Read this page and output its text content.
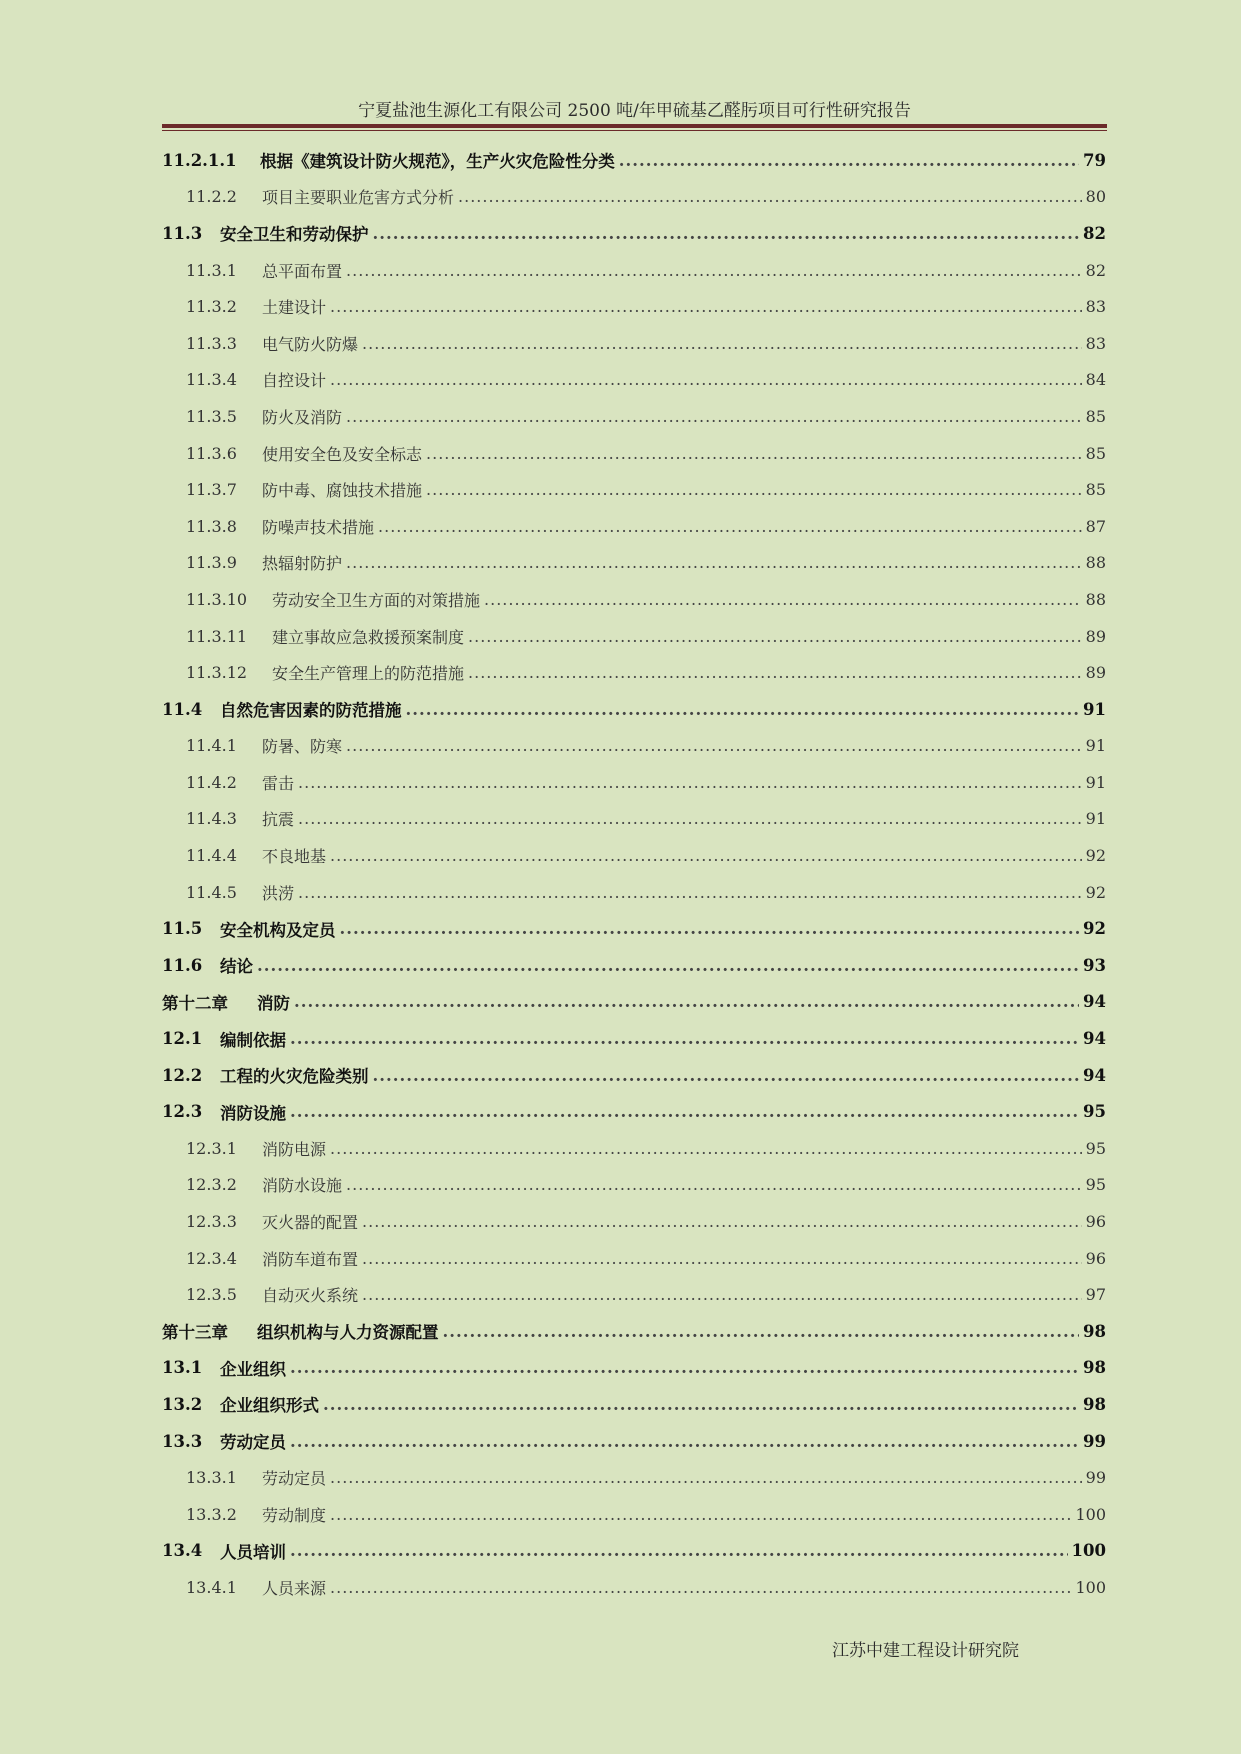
宁夏盐池生源化工有限公司 2500 吨/年甲硫基乙醛肟项目可行性研究报告
11.2.1.1	根据《建筑设计防火规范》，生产火灾危险性分类 .....	79
11.2.2	项目主要职业危害方式分析 .....	80
11.3	安全卫生和劳动保护 .....	82
11.3.1	总平面布置 .....	82
11.3.2	土建设计 .....	83
11.3.3	电气防火防爆 .....	83
11.3.4	自控设计 .....	84
11.3.5	防火及消防 .....	85
11.3.6	使用安全色及安全标志 .....	85
11.3.7	防中毒、腐蚀技术措施 .....	85
11.3.8	防噪声技术措施 .....	87
11.3.9	热辐射防护 .....	88
11.3.10	劳动安全卫生方面的对策措施 .....	88
11.3.11	建立事故应急救援预案制度 .....	89
11.3.12	安全生产管理上的防范措施 .....	89
11.4	自然危害因素的防范措施 .....	91
11.4.1	防暑、防寒 .....	91
11.4.2	雷击 .....	91
11.4.3	抗震 .....	91
11.4.4	不良地基 .....	92
11.4.5	洪涝 .....	92
11.5	安全机构及定员 .....	92
11.6	结论 .....	93
第十二章	消防 .....	94
12.1	编制依据 .....	94
12.2	工程的火灾危险类别 .....	94
12.3	消防设施 .....	95
12.3.1	消防电源 .....	95
12.3.2	消防水设施 .....	95
12.3.3	灭火器的配置 .....	96
12.3.4	消防车道布置 .....	96
12.3.5	自动灭火系统 .....	97
第十三章	组织机构与人力资源配置 .....	98
13.1	企业组织 .....	98
13.2	企业组织形式 .....	98
13.3	劳动定员 .....	99
13.3.1	劳动定员 .....	99
13.3.2	劳动制度 .....	100
13.4	人员培训 .....	100
13.4.1	人员来源 .....	100
江苏中建工程设计研究院
